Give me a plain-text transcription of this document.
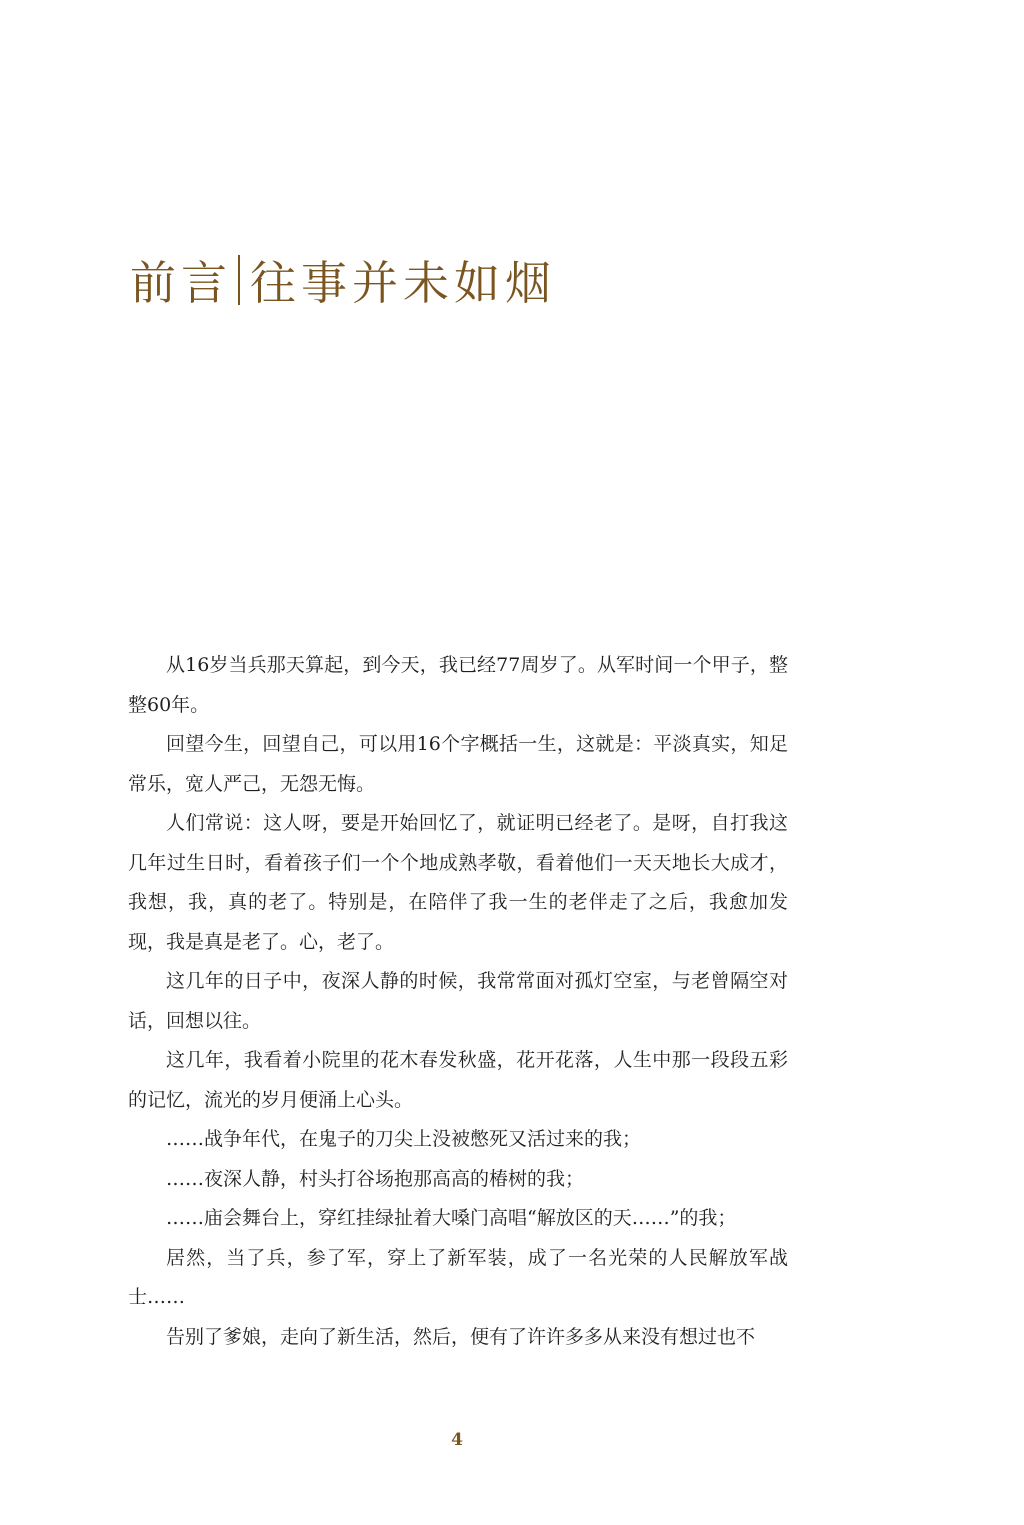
前言 往事并未如烟

从16岁当兵那天算起，到今天，我已经77周岁了。从军时间一个甲子，整整60年。

回望今生，回望自己，可以用16个字概括一生，这就是：平淡真实，知足常乐，宽人严己，无怨无悔。

人们常说：这人呀，要是开始回忆了，就证明已经老了。是呀，自打我这几年过生日时，看着孩子们一个个地成熟孝敬，看着他们一天天地长大成才，我想，我，真的老了。特别是，在陪伴了我一生的老伴走了之后，我愈加发现，我是真是老了。心，老了。

这几年的日子中，夜深人静的时候，我常常面对孤灯空室，与老曾隔空对话，回想以往。

这几年，我看着小院里的花木春发秋盛，花开花落，人生中那一段段五彩的记忆，流光的岁月便涌上心头。

……战争年代，在鬼子的刀尖上没被憋死又活过来的我；

……夜深人静，村头打谷场抱那高高的椿树的我；

……庙会舞台上，穿红挂绿扯着大嗓门高唱“解放区的天……”的我；

居然，当了兵，参了军，穿上了新军装，成了一名光荣的人民解放军战士……

告别了爹娘，走向了新生活，然后，便有了许许多多从来没有想过也不

4
